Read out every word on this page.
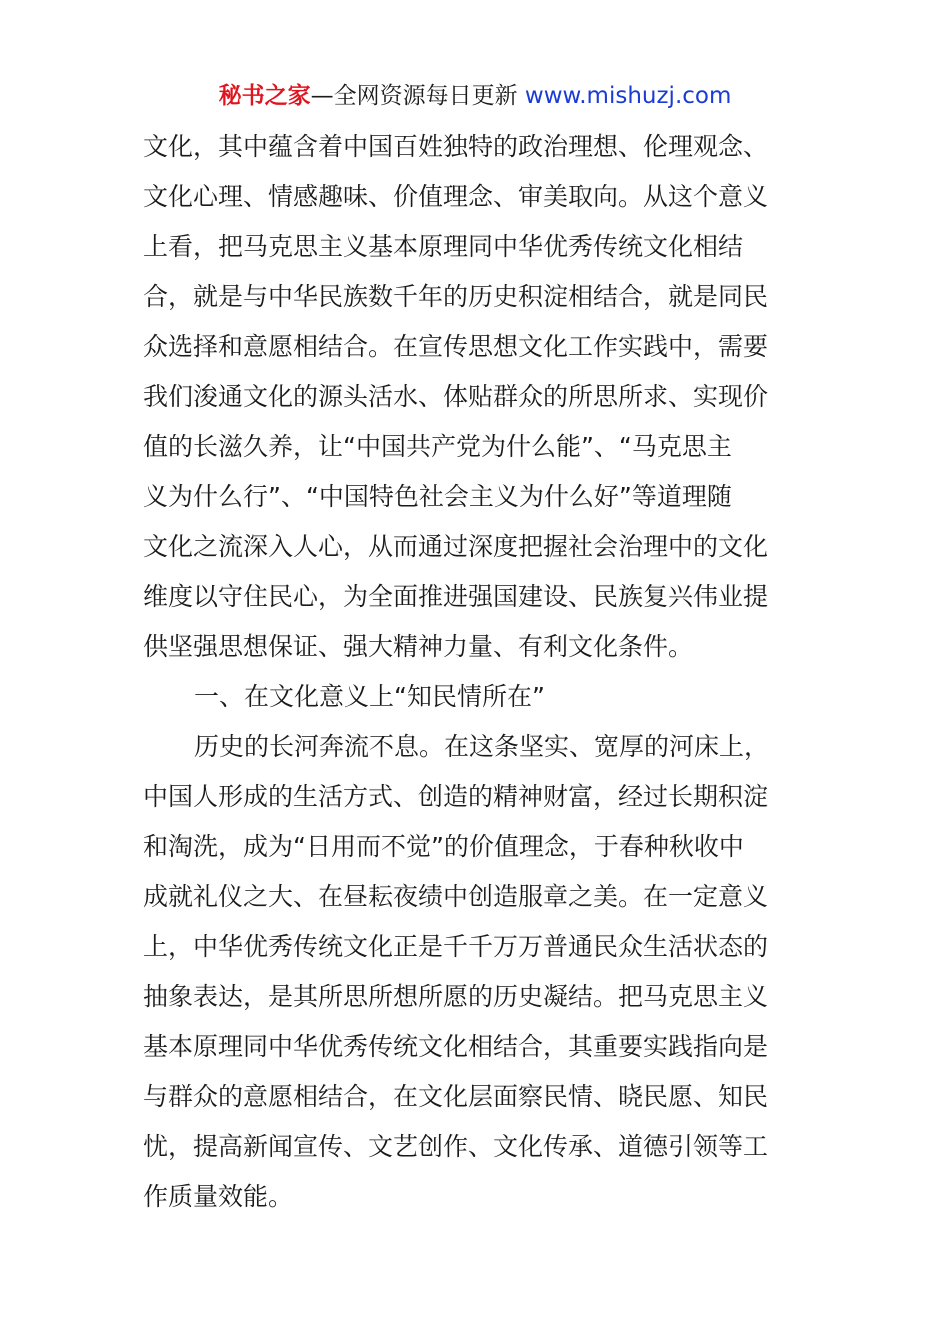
秘书之家—全网资源每日更新 www.mishuzj.com
文化，其中蕴含着中国百姓独特的政治理想、伦理观念、
文化心理、情感趣味、价值理念、审美取向。从这个意义
上看，把马克思主义基本原理同中华优秀传统文化相结
合，就是与中华民族数千年的历史积淀相结合，就是同民
众选择和意愿相结合。在宣传思想文化工作实践中，需要
我们浚通文化的源头活水、体贴群众的所思所求、实现价
值的长滋久养，让“中国共产党为什么能”、“马克思主
义为什么行”、“中国特色社会主义为什么好”等道理随
文化之流深入人心，从而通过深度把握社会治理中的文化
维度以守住民心，为全面推进强国建设、民族复兴伟业提
供坚强思想保证、强大精神力量、有利文化条件。
一、在文化意义上“知民情所在”
历史的长河奔流不息。在这条坚实、宽厚的河床上，
中国人形成的生活方式、创造的精神财富，经过长期积淀
和淘洗，成为“日用而不觉”的价值理念，于春种秋收中
成就礼仪之大、在昼耘夜绩中创造服章之美。在一定意义
上，中华优秀传统文化正是千千万万普通民众生活状态的
抽象表达，是其所思所想所愿的历史凝结。把马克思主义
基本原理同中华优秀传统文化相结合，其重要实践指向是
与群众的意愿相结合，在文化层面察民情、晓民愿、知民
忧，提高新闻宣传、文艺创作、文化传承、道德引领等工
作质量效能。
